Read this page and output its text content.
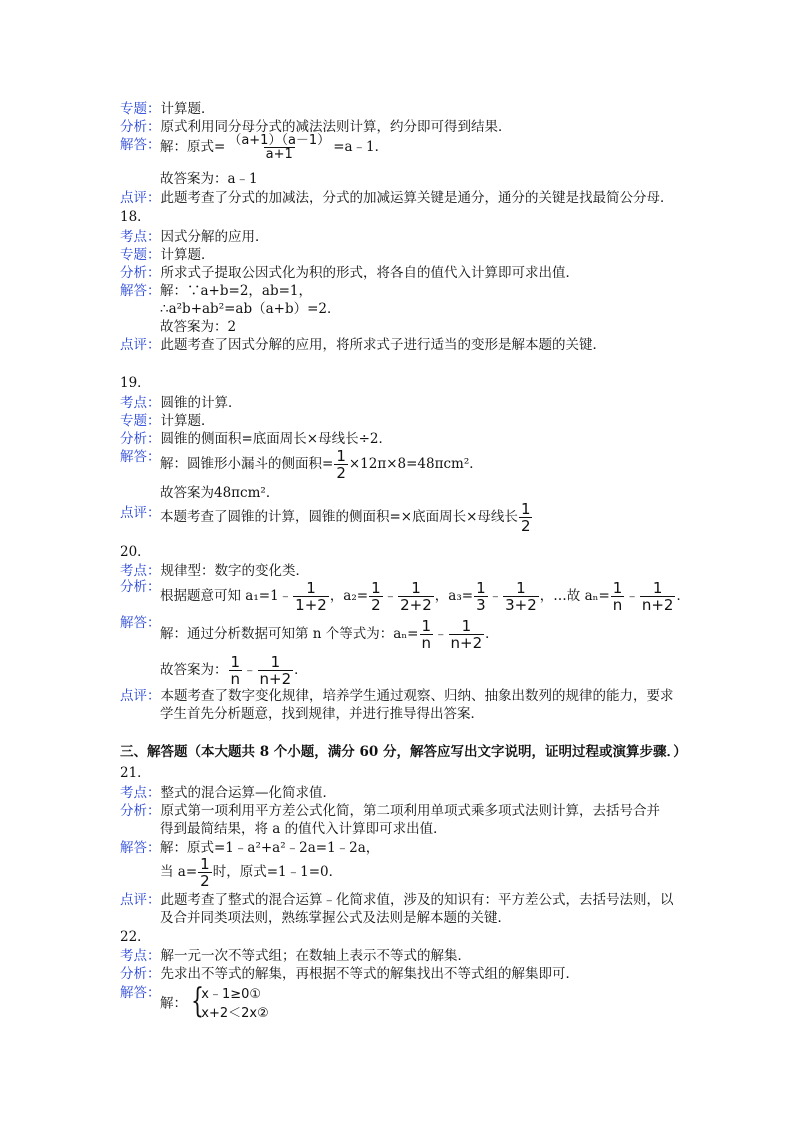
专题：计算题．
分析：原式利用同分母分式的减法法则计算，约分即可得到结果．
解答： 解：原式= $\frac{(a+1)(a-1)}{a+1}$ =a﹣1．
故答案为：a﹣1
点评：此题考查了分式的加减法，分式的加减运算关键是通分，通分的关键是找最简公分母．
18．
考点：因式分解的应用．
专题：计算题．
分析：所求式子提取公因式化为积的形式，将各自的值代入计算即可求出值．
解答： 解：∵a+b=2，ab=1，
∴a²b+ab²=ab（a+b）=2．
故答案为：2
点评：此题考查了因式分解的应用，将所求式子进行适当的变形是解本题的关键．
19．
考点：圆锥的计算．
专题：计算题．
分析：圆锥的侧面积=底面周长×母线长÷2．
解答： 解：圆锥形小漏斗的侧面积= $\frac{1}{2} \times 12\pi\times 8=48\pi cm^2$．
故答案为48πcm²．
点评： 本题考查了圆锥的计算，圆锥的侧面积=×底面周长×母线长 $\frac{1}{2}$
20．
考点：规律型：数字的变化类．
分析：
根据题意可知 a₁=1﹣ $\frac{1}{1+2}$ ，$a_2= \frac{1}{2}$ ﹣ $\frac{1}{2+2}$ ，$a_3= \frac{1}{3}$ ﹣ $\frac{1}{3+2}$ ，…故 $a_n= \frac{1}{n}$ ﹣ $\frac{1}{n+2}$ ．
解答：
解：通过分析数据可知第 n 个等式为：$a_n= \frac{1}{n}$ ﹣ $\frac{1}{n+2}$ ．
故答案为： $\frac{1}{n}$ ﹣ $\frac{1}{n+2}$ ．
点评：本题考查了数字变化规律，培养学生通过观察、归纳、抽象出数列的规律的能力，要求
学生首先分析题意，找到规律，并进行推导得出答案．
三、解答题（本大题共 8 个小题，满分 60 分，解答应写出文字说明，证明过程或演算步骤．）
21．
考点：整式的混合运算—化简求值．
分析：原式第一项利用平方差公式化简，第二项利用单项式乘多项式法则计算，去括号合并
得到最简结果，将 a 的值代入计算即可求出值．
解答： 解：原式=1﹣a²+a²﹣2a=1﹣2a，
当 $a= \frac{1}{2}$ 时，原式=1﹣1=0．
点评：此题考查了整式的混合运算﹣化简求值，涉及的知识有：平方差公式，去括号法则，以
及合并同类项法则，熟练掌握公式及法则是解本题的关键．
22．
考点：解一元一次不等式组；在数轴上表示不等式的解集．
分析：先求出不等式的解集，再根据不等式的解集找出不等式组的解集即可．
解答：
解： {
x﹣1≥0①
x+2＜2x②
